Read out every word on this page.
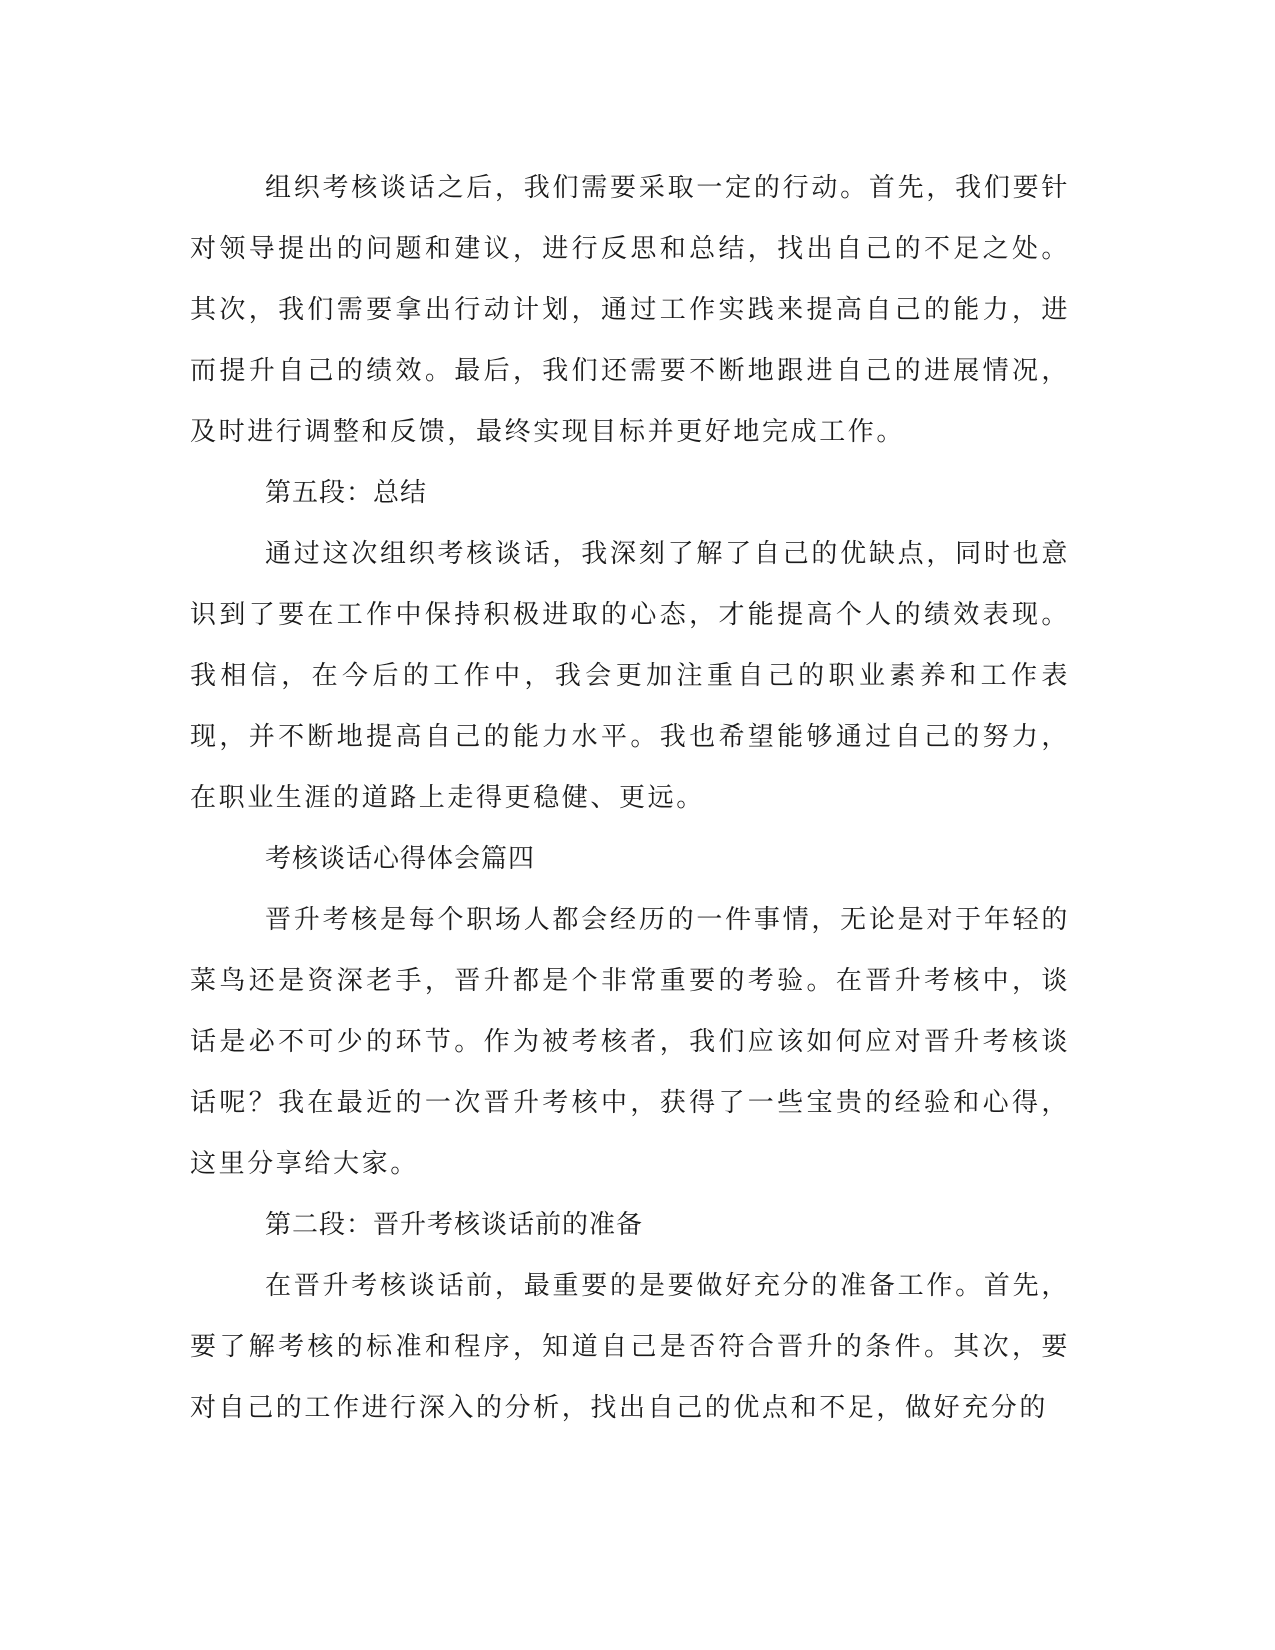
组织考核谈话之后，我们需要采取一定的行动。首先，我们要针对领导提出的问题和建议，进行反思和总结，找出自己的不足之处。其次，我们需要拿出行动计划，通过工作实践来提高自己的能力，进而提升自己的绩效。最后，我们还需要不断地跟进自己的进展情况，及时进行调整和反馈，最终实现目标并更好地完成工作。

第五段：总结

通过这次组织考核谈话，我深刻了解了自己的优缺点，同时也意识到了要在工作中保持积极进取的心态，才能提高个人的绩效表现。我相信，在今后的工作中，我会更加注重自己的职业素养和工作表现，并不断地提高自己的能力水平。我也希望能够通过自己的努力，在职业生涯的道路上走得更稳健、更远。

考核谈话心得体会篇四

晋升考核是每个职场人都会经历的一件事情，无论是对于年轻的菜鸟还是资深老手，晋升都是个非常重要的考验。在晋升考核中，谈话是必不可少的环节。作为被考核者，我们应该如何应对晋升考核谈话呢？我在最近的一次晋升考核中，获得了一些宝贵的经验和心得，这里分享给大家。

第二段：晋升考核谈话前的准备

在晋升考核谈话前，最重要的是要做好充分的准备工作。首先，要了解考核的标准和程序，知道自己是否符合晋升的条件。其次，要对自己的工作进行深入的分析，找出自己的优点和不足，做好充分的
